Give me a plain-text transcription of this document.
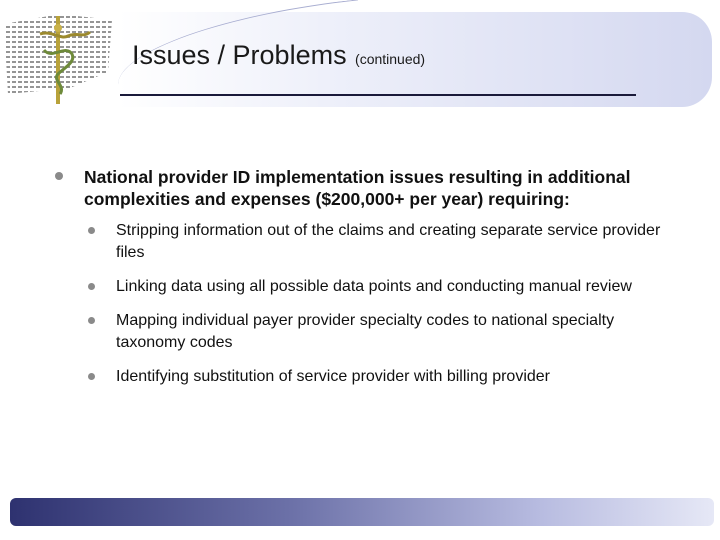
Issues / Problems (continued)
National provider ID implementation issues resulting in additional complexities and expenses ($200,000+ per year) requiring:
Stripping information out of the claims and creating separate service provider files
Linking data using all possible data points and conducting manual review
Mapping individual payer provider specialty codes to national specialty taxonomy codes
Identifying substitution of service provider with billing provider
